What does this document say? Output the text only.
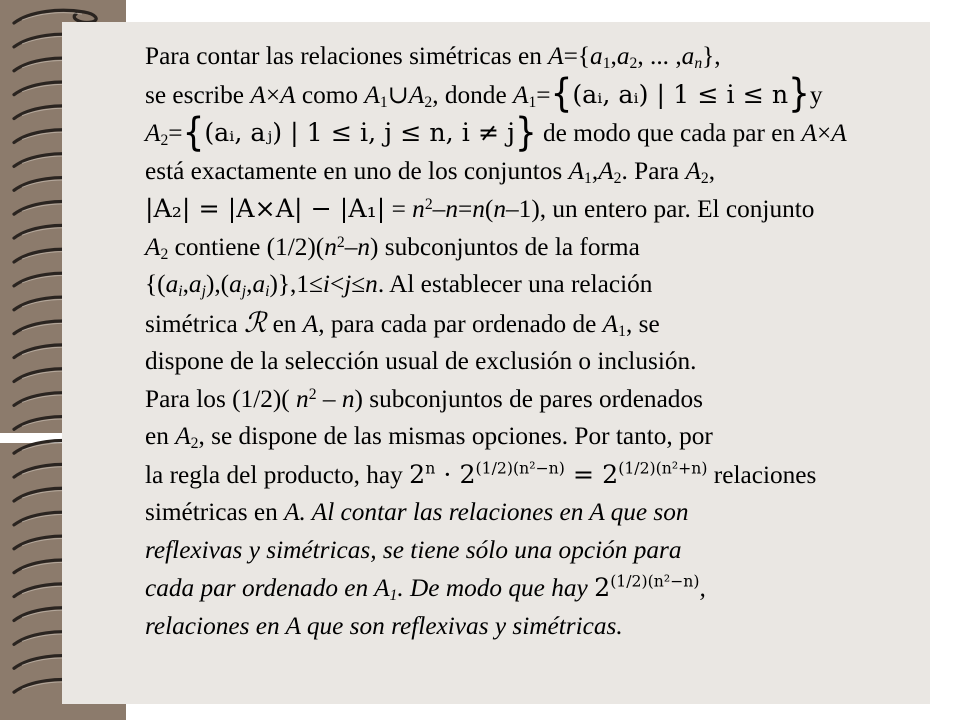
Para contar las relaciones simétricas en $A=\{a_1,a_2$, ... $,a_n$},

se escribe A×A como $A_1\cup A_2$, donde $A_1=\{(aᵢ$, aᵢ) | 1 ≤ i ≤ n}y

$A_2=\{(aᵢ$, aⱼ) | 1 ≤ i, j ≤ n, i ≠ j} de modo que cada par en A×A

está exactamente en uno de los conjuntos $A_1,A_2$. Para $A_2$,

$|A_2| = |A\times A| - |A_1| = n^2-n=n(n-1)$, un entero par. El conjunto

$A_2$ contiene $(1/2)(n^2-n)$ subconjuntos de la forma

$\{(a_i,a_j),(a_j,a_i)\},1\le i<j\le n$. Al establecer una relación

simétrica ℛ en A, para cada par ordenado de $A_1$, se

dispone de la selección usual de exclusión o inclusión.

Para los (1/2)( $n^2 - n$) subconjuntos de pares ordenados

en $A_2$, se dispone de las mismas opciones. Por tanto, por

la regla del producto, hay $2^n \cdot 2^{(1/2)(n^2-n)} = 2^{(1/2)(n^2+n)}$ relaciones

simétricas en A. Al contar las relaciones en A que son

reflexivas y simétricas, se tiene sólo una opción para

cada par ordenado en $A_1$. De modo que hay $2^{(1/2)(n^2-n)}$,

relaciones en A que son reflexivas y simétricas.
